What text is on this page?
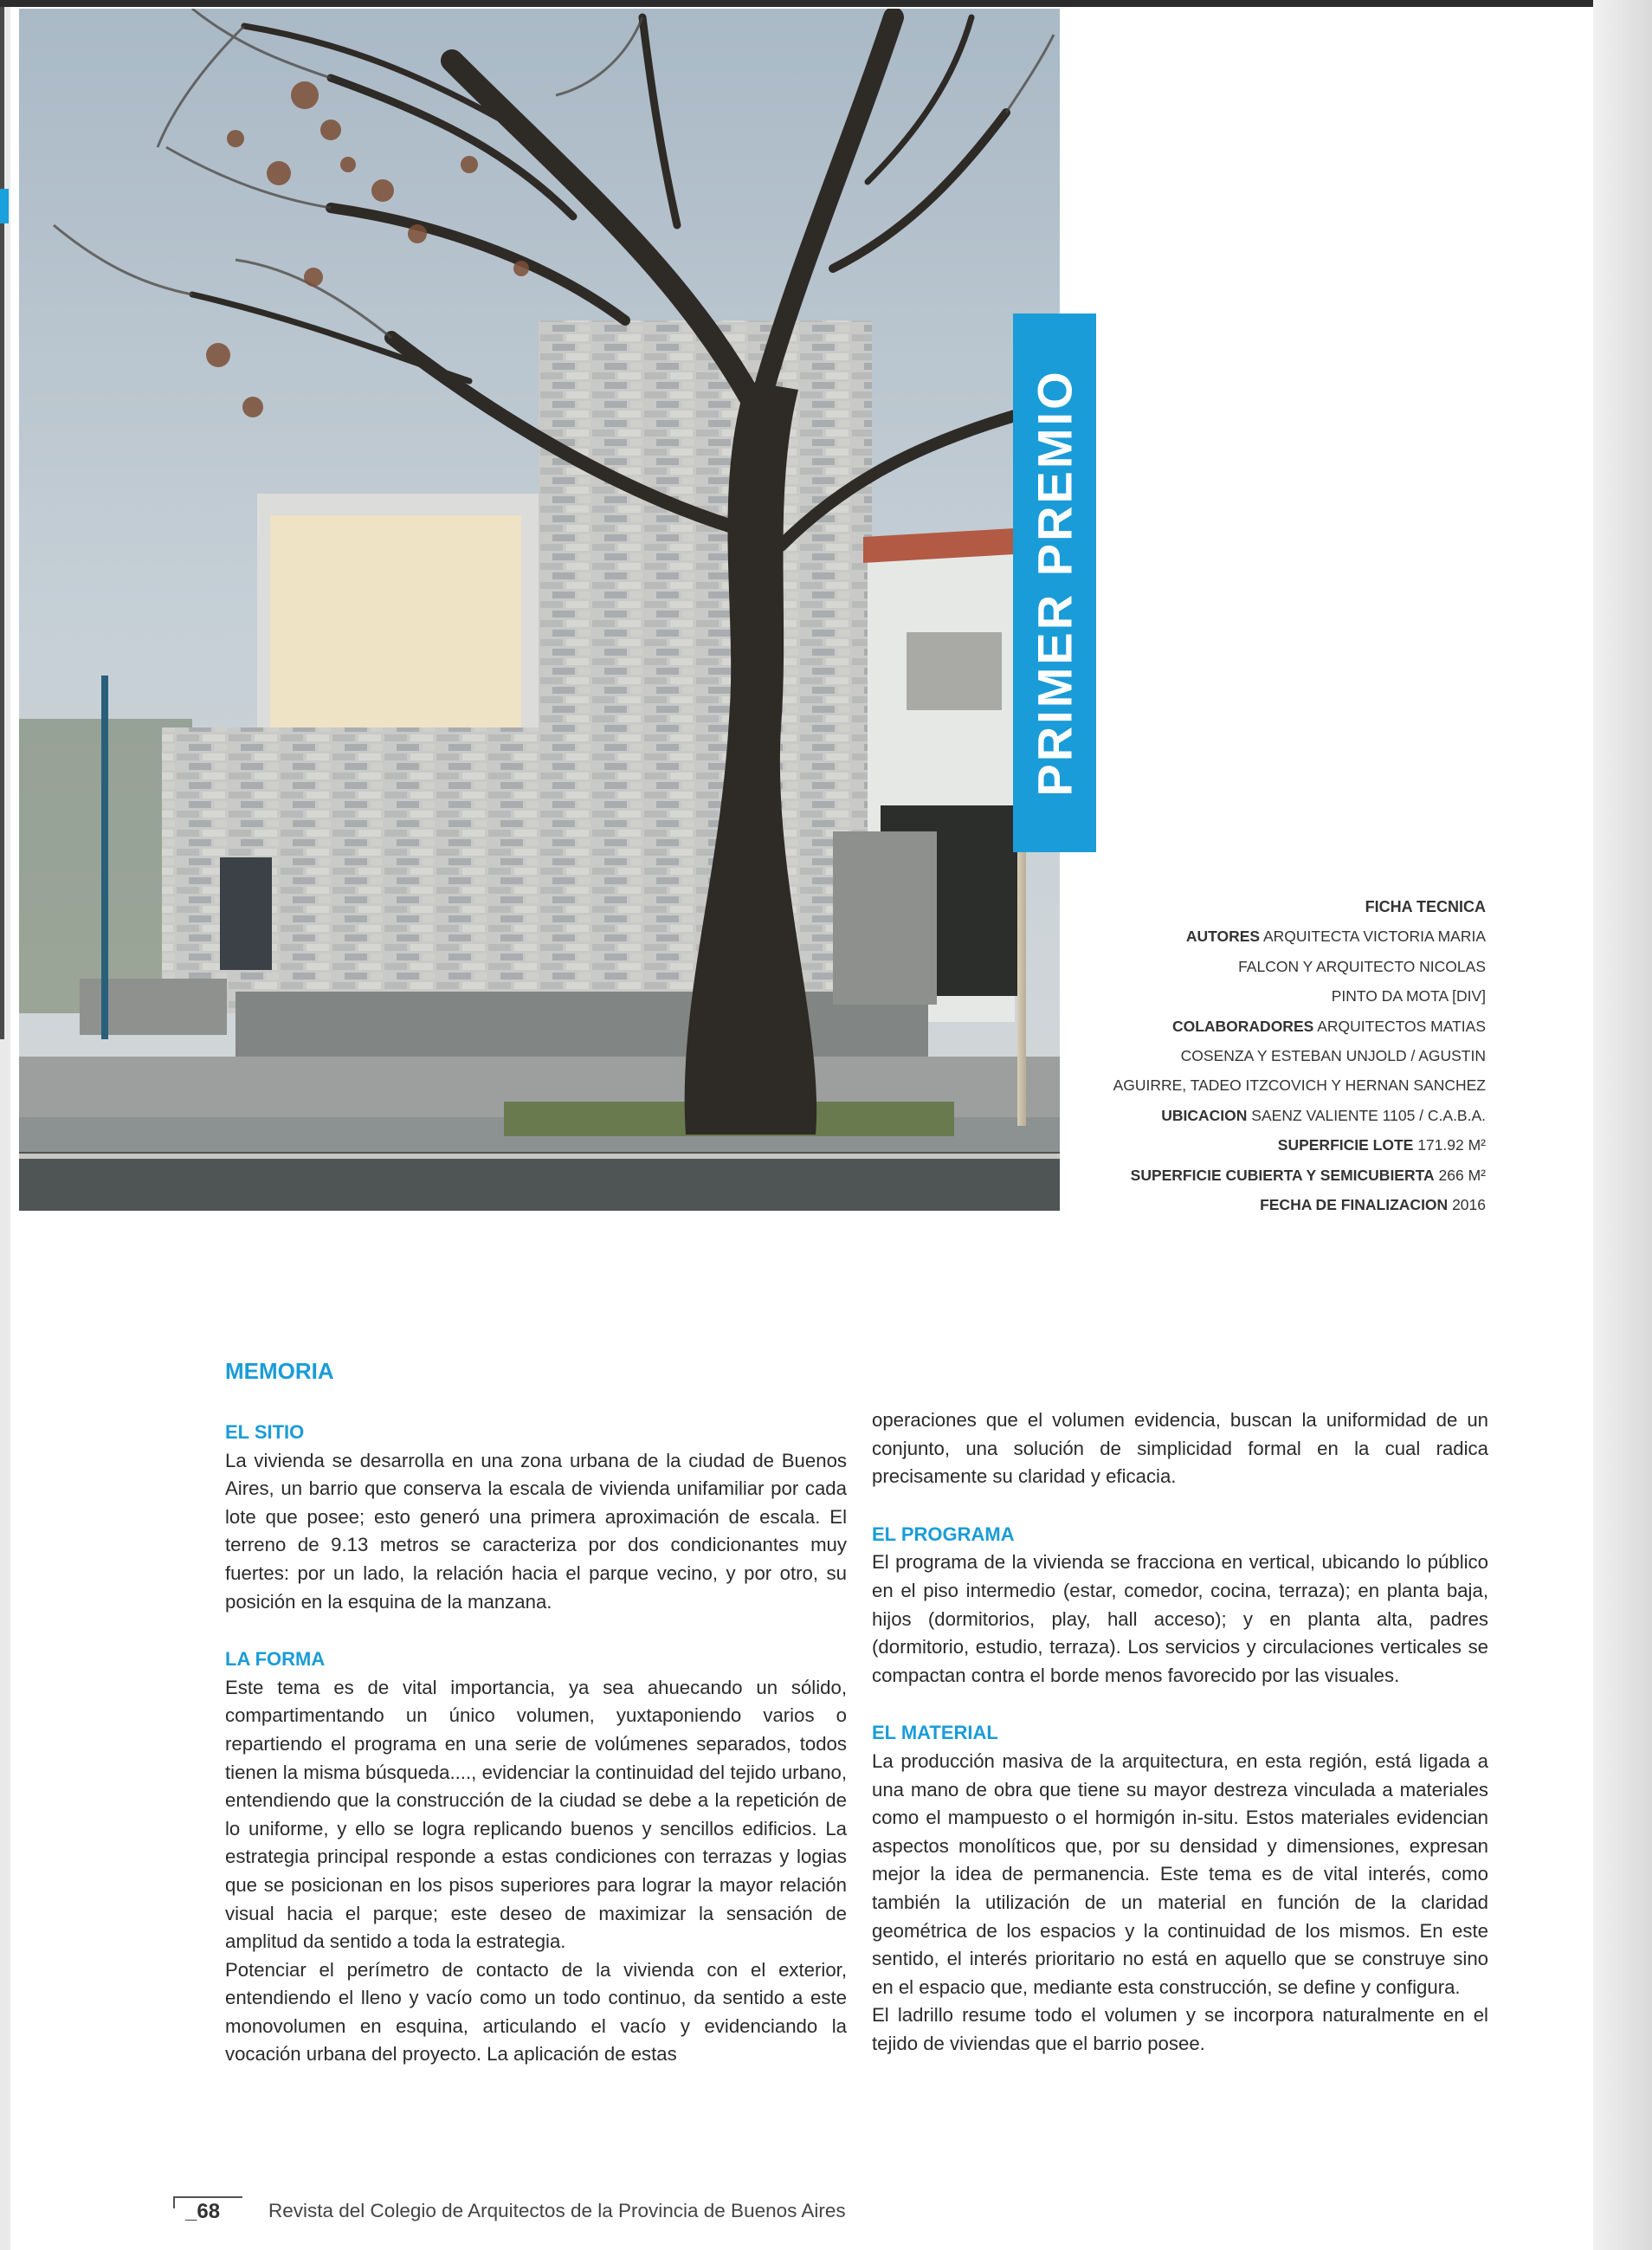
PRIMER PREMIO
FICHA TECNICA
AUTORES ARQUITECTA VICTORIA MARIA
FALCON Y ARQUITECTO NICOLAS
PINTO DA MOTA [DIV]
COLABORADORES ARQUITECTOS MATIAS
COSENZA Y ESTEBAN UNJOLD / AGUSTIN
AGUIRRE, TADEO ITZCOVICH Y HERNAN SANCHEZ
UBICACION SAENZ VALIENTE 1105 / C.A.B.A.
SUPERFICIE LOTE 171.92 M²
SUPERFICIE CUBIERTA Y SEMICUBIERTA 266 M²
FECHA DE FINALIZACION 2016
MEMORIA
EL SITIO

La vivienda se desarrolla en una zona urbana de la ciudad de Buenos Aires, un barrio que conserva la escala de vivienda unifamiliar por cada lote que posee; esto generó una primera aproximación de escala. El terreno de 9.13 metros se caracteriza por dos condicionantes muy fuertes: por un lado, la relación hacia el parque vecino, y por otro, su posición en la esquina de la manzana.

LA FORMA

Este tema es de vital importancia, ya sea ahuecando un sólido, compartimentando un único volumen, yuxtaponiendo varios o repartiendo el programa en una serie de volúmenes separados, todos tienen la misma búsqueda...., evidenciar la continuidad del tejido urbano, entendiendo que la construcción de la ciudad se debe a la repetición de lo uniforme, y ello se logra replicando buenos y sencillos edificios. La estrategia principal responde a estas condiciones con terrazas y logias que se posicionan en los pisos superiores para lograr la mayor relación visual hacia el parque; este deseo de maximizar la sensación de amplitud da sentido a toda la estrategia.

Potenciar el perímetro de contacto de la vivienda con el exterior, entendiendo el lleno y vacío como un todo continuo, da sentido a este monovolumen en esquina, articulando el vacío y evidenciando la vocación urbana del proyecto. La aplicación de estas

operaciones que el volumen evidencia, buscan la uniformidad de un conjunto, una solución de simplicidad formal en la cual radica precisamente su claridad y eficacia.

EL PROGRAMA

El programa de la vivienda se fracciona en vertical, ubicando lo público en el piso intermedio (estar, comedor, cocina, terraza); en planta baja, hijos (dormitorios, play, hall acceso); y en planta alta, padres (dormitorio, estudio, terraza). Los servicios y circulaciones verticales se compactan contra el borde menos favorecido por las visuales.

EL MATERIAL

La producción masiva de la arquitectura, en esta región, está ligada a una mano de obra que tiene su mayor destreza vinculada a materiales como el mampuesto o el hormigón in-situ. Estos materiales evidencian aspectos monolíticos que, por su densidad y dimensiones, expresan mejor la idea de permanencia. Este tema es de vital interés, como también la utilización de un material en función de la claridad geométrica de los espacios y la continuidad de los mismos. En este sentido, el interés prioritario no está en aquello que se construye sino en el espacio que, mediante esta construcción, se define y configura.

El ladrillo resume todo el volumen y se incorpora naturalmente en el tejido de viviendas que el barrio posee.

_68 Revista del Colegio de Arquitectos de la Provincia de Buenos Aires
